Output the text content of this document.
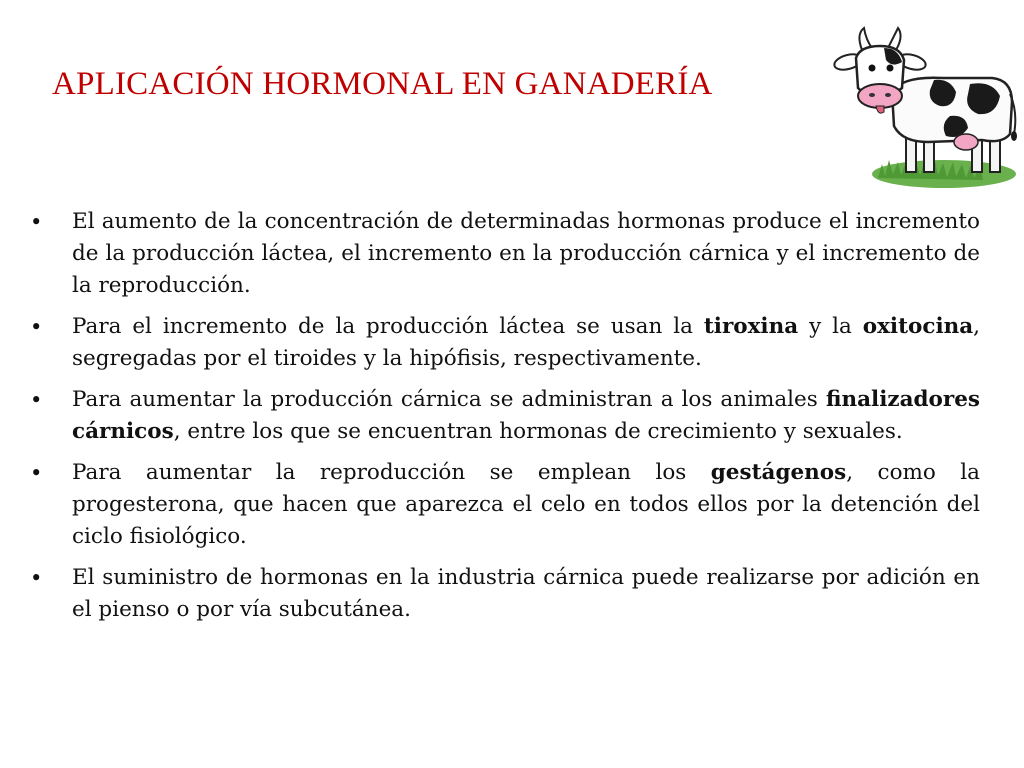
APLICACIÓN HORMONAL EN GANADERÍA
• El aumento de la concentración de determinadas hormonas produce el incremento de la producción láctea, el incremento en la producción cárnica y el incremento de la reproducción.
• Para el incremento de la producción láctea se usan la tiroxina y la oxitocina, segregadas por el tiroides y la hipófisis, respectivamente.
• Para aumentar la producción cárnica se administran a los animales finalizadores cárnicos, entre los que se encuentran hormonas de crecimiento y sexuales.
• Para aumentar la reproducción se emplean los gestágenos, como la progesterona, que hacen que aparezca el celo en todos ellos por la detención del ciclo fisiológico.
• El suministro de hormonas en la industria cárnica puede realizarse por adición en el pienso o por vía subcutánea.
